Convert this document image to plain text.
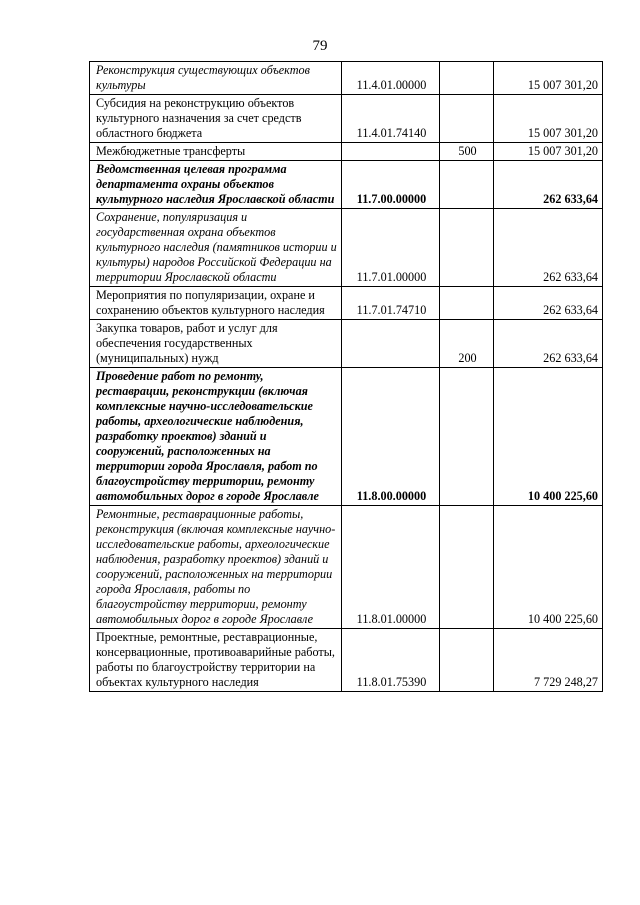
79
Реконструкция существующих объектов культуры	11.4.01.00000		15 007 301,20
Субсидия на реконструкцию объектов культурного назначения за счет средств областного бюджета	11.4.01.74140		15 007 301,20
Межбюджетные трансферты		500	15 007 301,20
Ведомственная целевая программа департамента охраны объектов культурного наследия Ярославской области	11.7.00.00000		262 633,64
Сохранение, популяризация и государственная охрана объектов культурного наследия (памятников истории и культуры) народов Российской Федерации на территории Ярославской области	11.7.01.00000		262 633,64
Мероприятия по популяризации, охране и сохранению объектов культурного наследия	11.7.01.74710		262 633,64
Закупка товаров, работ и услуг для обеспечения государственных (муниципальных) нужд		200	262 633,64
Проведение работ по ремонту, реставрации, реконструкции (включая комплексные научно-исследовательские работы, археологические наблюдения, разработку проектов) зданий и сооружений, расположенных на территории города Ярославля, работ по благоустройству территории, ремонту автомобильных дорог в городе Ярославле	11.8.00.00000		10 400 225,60
Ремонтные, реставрационные работы, реконструкция (включая комплексные научно-исследовательские работы, археологические наблюдения, разработку проектов) зданий и сооружений, расположенных на территории города Ярославля, работы по благоустройству территории, ремонту автомобильных дорог в городе Ярославле	11.8.01.00000		10 400 225,60
Проектные, ремонтные, реставрационные, консервационные, противоаварийные работы, работы по благоустройству территории на объектах культурного наследия	11.8.01.75390		7 729 248,27
